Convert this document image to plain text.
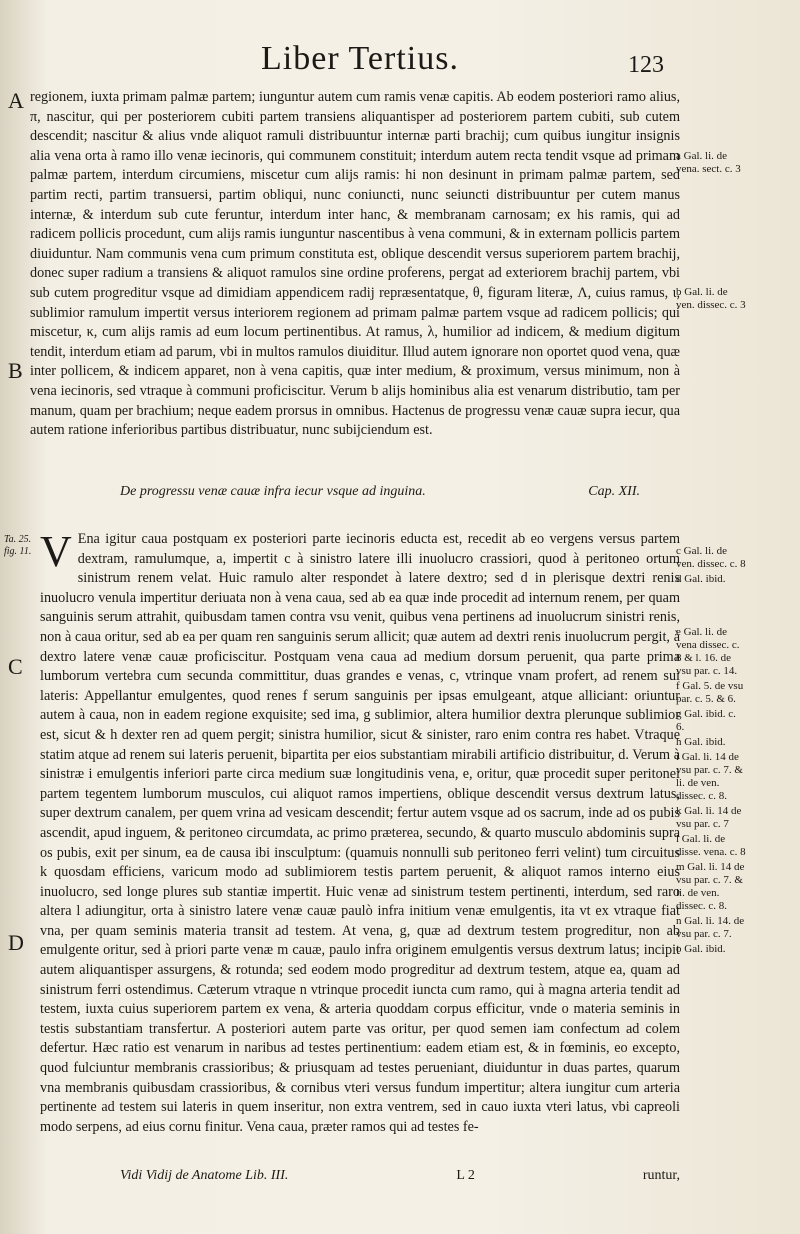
Liber Tertius.	123
A
B
C
D

regionem, iuxta primam palmæ partem; iunguntur autem cum ramis venæ capitis. Ab eodem posteriori ramo alius, π, nascitur, qui per posteriorem cubiti partem transiens aliquantisper ad posteriorem partem cubiti, sub cutem descendit; nascitur & alius vnde aliquot ramuli distribuuntur internæ parti brachij; cum quibus iungitur insignis alia vena orta à ramo illo venæ iecinoris, qui communem constituit; interdum autem recta tendit vsque ad primam palmæ partem, interdum circumiens, miscetur cum alijs ramis: hi non desinunt in primam palmæ partem, sed partim recti, partim transuersi, partim obliqui, nunc coniuncti, nunc seiuncti distribuuntur per cutem manus internæ, & interdum sub cute feruntur, interdum inter hanc, & membranam carnosam; ex his ramis, qui ad radicem pollicis procedunt, cum alijs ramis iunguntur nascentibus à vena communi, & in externam pollicis partem diuiduntur. Nam communis vena cum primum constituta est, oblique descendit versus superiorem partem brachij, donec super radium a transiens & aliquot ramulos sine ordine proferens, pergat ad exteriorem brachij partem, vbi sub cutem progreditur vsque ad dimidiam appendicem radij repræsentatque, θ, figuram literæ, Λ, cuius ramus, ι, sublimior ramulum impertit versus interiorem regionem ad primam palmæ partem vsque ad radicem pollicis; qui miscetur, κ, cum alijs ramis ad eum locum pertinentibus. At ramus, λ, humilior ad indicem, & medium digitum tendit, interdum etiam ad parum, vbi in multos ramulos diuiditur. Illud autem ignorare non oportet quod vena, quæ inter pollicem, & indicem apparet, non à vena capitis, quæ inter medium, & proximum, versus minimum, non à vena iecinoris, sed vtraque à communi proficiscitur. Verum b alijs hominibus alia est venarum distributio, tam per manum, quam per brachium; neque eadem prorsus in omnibus. Hactenus de progressu venæ cauæ supra iecur, qua autem ratione inferioribus partibus distribuatur, nunc subijciendum est.

a Gal. li. de vena. sect. c. 3
b Gal. li. de ven. dissec. c. 3
De progressu venæ cauæ infra iecur vsque ad inguina.	Cap. XII.
Ta. 25. fig. 11. V Ena igitur caua postquam ex posteriori parte iecinoris educta est, recedit ab eo vergens versus partem dextram, ramulumque, a, impertit c à sinistro latere illi inuolucro crassiori, quod à peritoneo ortum sinistrum renem velat. Huic ramulo alter respondet à latere dextro; sed d in plerisque dextri renis inuolucro venula impertitur deriuata non à vena caua, sed ab ea quæ inde procedit ad internum renem, per quam sanguinis serum attrahit, quibusdam tamen contra vsu venit, quibus vena pertinens ad inuolucrum sinistri renis, non à caua oritur, sed ab ea per quam ren sanguinis serum allicit; quæ autem ad dextri renis inuolucrum pergit, à dextro latere venæ cauæ proficiscitur. Postquam vena caua ad medium dorsum peruenit, qua parte prima lumborum vertebra cum secunda committitur, duas grandes e venas, c, vtrinque vnam profert, ad renem sui lateris: Appellantur emulgentes, quod renes f serum sanguinis per ipsas emulgeant, atque alliciant: oriuntur autem à caua, non in eadem regione exquisite; sed ima, g sublimior, altera humilior dextra plerunque sublimior est, sicut & h dexter ren ad quem pergit; sinistra humilior, sicut & sinister, raro enim contra res habet. Vtraque statim atque ad renem sui lateris peruenit, bipartita per eios substantiam mirabili artificio distribuitur, d. Verum à sinistræ i emulgentis inferiori parte circa medium suæ longitudinis vena, e, oritur, quæ procedit super peritonei partem tegentem lumborum musculos, cui aliquot ramos impertiens, oblique descendit versus dextrum latus, super dextrum canalem, per quem vrina ad vesicam descendit; fertur autem vsque ad os sacrum, inde ad os pubis ascendit, apud inguem, & peritoneo circumdata, ac primo præterea, secundo, & quarto musculo abdominis supra os pubis, exit per sinum, ea de causa ibi insculptum: (quamuis nonnulli sub peritoneo ferri velint) tum circuitus k quosdam efficiens, varicum modo ad sublimiorem testis partem peruenit, & aliquot ramos interno eius inuolucro, sed longe plures sub stantiæ impertit. Huic venæ ad sinistrum testem pertinenti, interdum, sed raro altera l adiungitur, orta à sinistro latere venæ cauæ paulò infra initium venæ emulgentis, ita vt ex vtraque fiat vna, per quam seminis materia transit ad testem. At vena, g, quæ ad dextrum testem progreditur, non ab emulgente oritur, sed à priori parte venæ m cauæ, paulo infra originem emulgentis versus dextrum latus; incipit autem aliquantisper assurgens, & rotunda; sed eodem modo progreditur ad dextrum testem, atque ea, quam ad sinistrum ferri ostendimus. Cæterum vtraque n vtrinque procedit iuncta cum ramo, qui à magna arteria tendit ad testem, iuxta cuius superiorem partem ex vena, & arteria quoddam corpus efficitur, vnde o materia seminis in testis substantiam transfertur. A posteriori autem parte vas oritur, per quod semen iam confectum ad colem defertur. Hæc ratio est venarum in naribus ad testes pertinentium: eadem etiam est, & in fœminis, eo excepto, quod fulciuntur membranis crassioribus; & priusquam ad testes perueniant, diuiduntur in duas partes, quarum vna membranis quibusdam crassioribus, & cornibus vteri versus fundum impertitur; altera iungitur cum arteria pertinente ad testem sui lateris in quem inseritur, non extra ventrem, sed in cauo iuxta vteri latus, vbi capreoli modo serpens, ad eius cornu finitur. Vena caua, præter ramos qui ad testes fe-
c Gal. li. de ven. dissec. c. 8
d Gal. ibid.
e Gal. li. de vena dissec. c. 8 & l. 16. de vsu par. c. 14.
f Gal. 5. de vsu par. c. 5. & 6.
g Gal. ibid. c. 6.
h Gal. ibid.
i Gal. li. 14 de vsu par. c. 7. & li. de ven. dissec. c. 8.
k Gal. li. 14 de vsu par. c. 7
l Gal. li. de disse. vena. c. 8
m Gal. li. 14 de vsu par. c. 7. & li. de ven. dissec. c. 8.
n Gal. li. 14. de vsu par. c. 7.
o Gal. ibid.
Vidi Vidij de Anatome Lib. III.	L 2	runtur,
